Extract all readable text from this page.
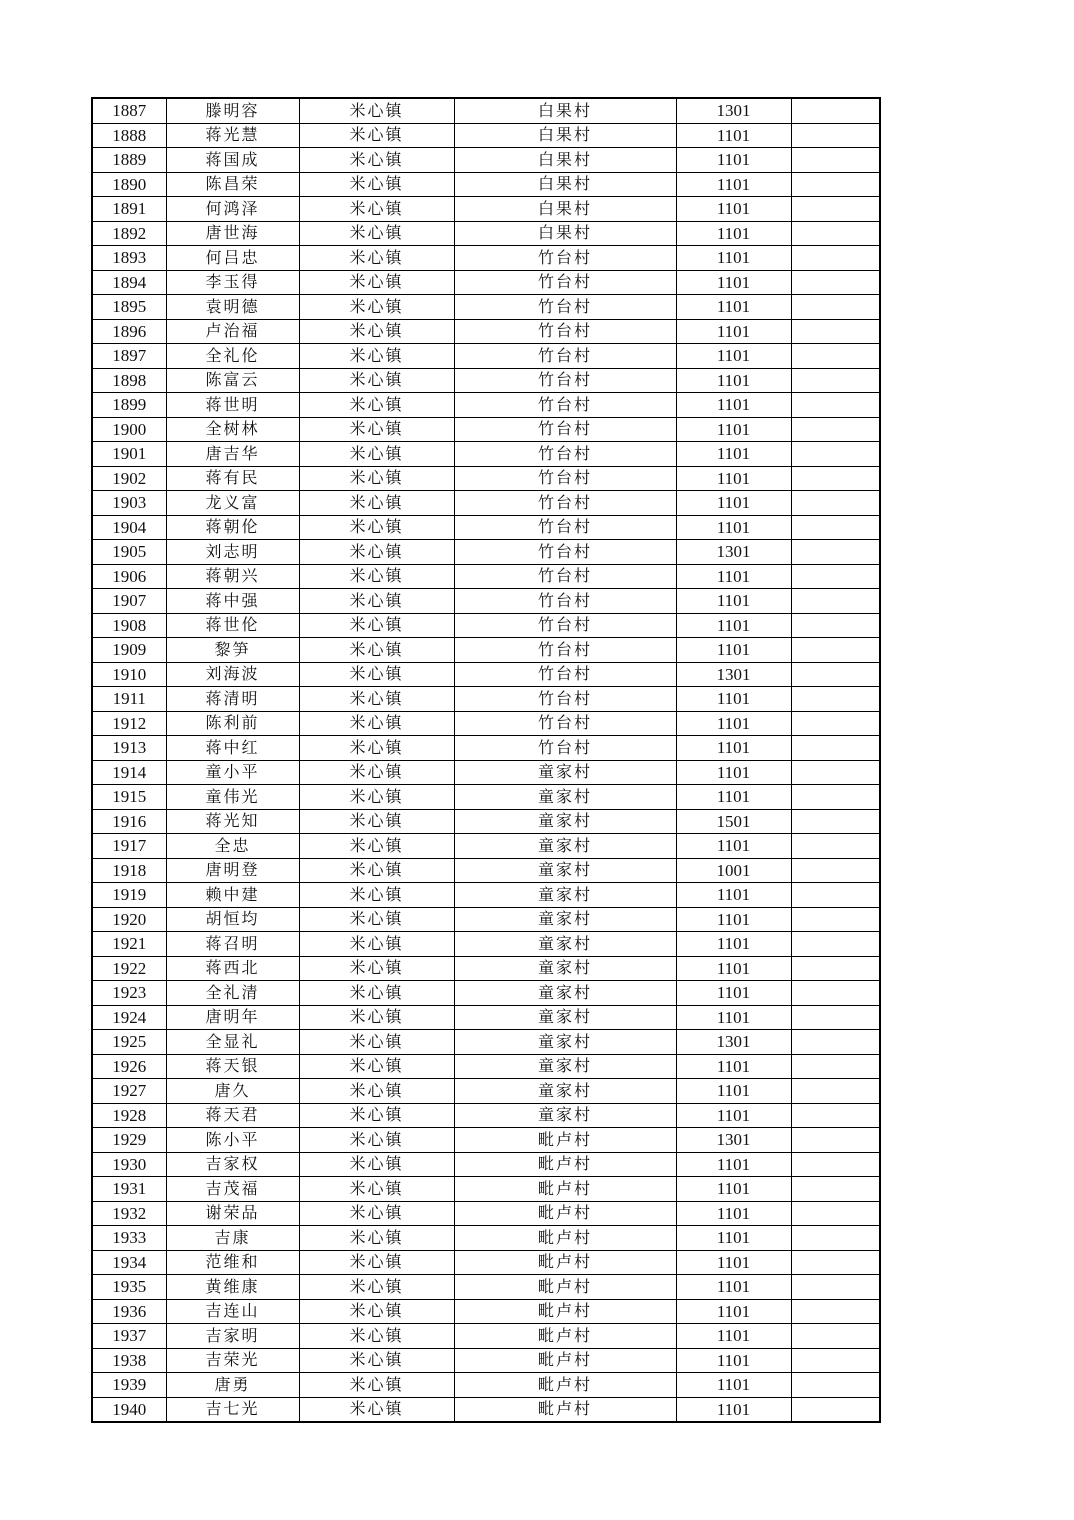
1887	滕明容	米心镇	白果村	1301	
1888	蒋光慧	米心镇	白果村	1101	
1889	蒋国成	米心镇	白果村	1101	
1890	陈昌荣	米心镇	白果村	1101	
1891	何鸿泽	米心镇	白果村	1101	
1892	唐世海	米心镇	白果村	1101	
1893	何吕忠	米心镇	竹台村	1101	
1894	李玉得	米心镇	竹台村	1101	
1895	袁明德	米心镇	竹台村	1101	
1896	卢治福	米心镇	竹台村	1101	
1897	全礼伦	米心镇	竹台村	1101	
1898	陈富云	米心镇	竹台村	1101	
1899	蒋世明	米心镇	竹台村	1101	
1900	全树林	米心镇	竹台村	1101	
1901	唐吉华	米心镇	竹台村	1101	
1902	蒋有民	米心镇	竹台村	1101	
1903	龙义富	米心镇	竹台村	1101	
1904	蒋朝伦	米心镇	竹台村	1101	
1905	刘志明	米心镇	竹台村	1301	
1906	蒋朝兴	米心镇	竹台村	1101	
1907	蒋中强	米心镇	竹台村	1101	
1908	蒋世伦	米心镇	竹台村	1101	
1909	黎笋	米心镇	竹台村	1101	
1910	刘海波	米心镇	竹台村	1301	
1911	蒋清明	米心镇	竹台村	1101	
1912	陈利前	米心镇	竹台村	1101	
1913	蒋中红	米心镇	竹台村	1101	
1914	童小平	米心镇	童家村	1101	
1915	童伟光	米心镇	童家村	1101	
1916	蒋光知	米心镇	童家村	1501	
1917	全忠	米心镇	童家村	1101	
1918	唐明登	米心镇	童家村	1001	
1919	赖中建	米心镇	童家村	1101	
1920	胡恒均	米心镇	童家村	1101	
1921	蒋召明	米心镇	童家村	1101	
1922	蒋西北	米心镇	童家村	1101	
1923	全礼清	米心镇	童家村	1101	
1924	唐明年	米心镇	童家村	1101	
1925	全显礼	米心镇	童家村	1301	
1926	蒋天银	米心镇	童家村	1101	
1927	唐久	米心镇	童家村	1101	
1928	蒋天君	米心镇	童家村	1101	
1929	陈小平	米心镇	毗卢村	1301	
1930	吉家权	米心镇	毗卢村	1101	
1931	吉茂福	米心镇	毗卢村	1101	
1932	谢荣品	米心镇	毗卢村	1101	
1933	吉康	米心镇	毗卢村	1101	
1934	范维和	米心镇	毗卢村	1101	
1935	黄维康	米心镇	毗卢村	1101	
1936	吉连山	米心镇	毗卢村	1101	
1937	吉家明	米心镇	毗卢村	1101	
1938	吉荣光	米心镇	毗卢村	1101	
1939	唐勇	米心镇	毗卢村	1101	
1940	吉七光	米心镇	毗卢村	1101	
